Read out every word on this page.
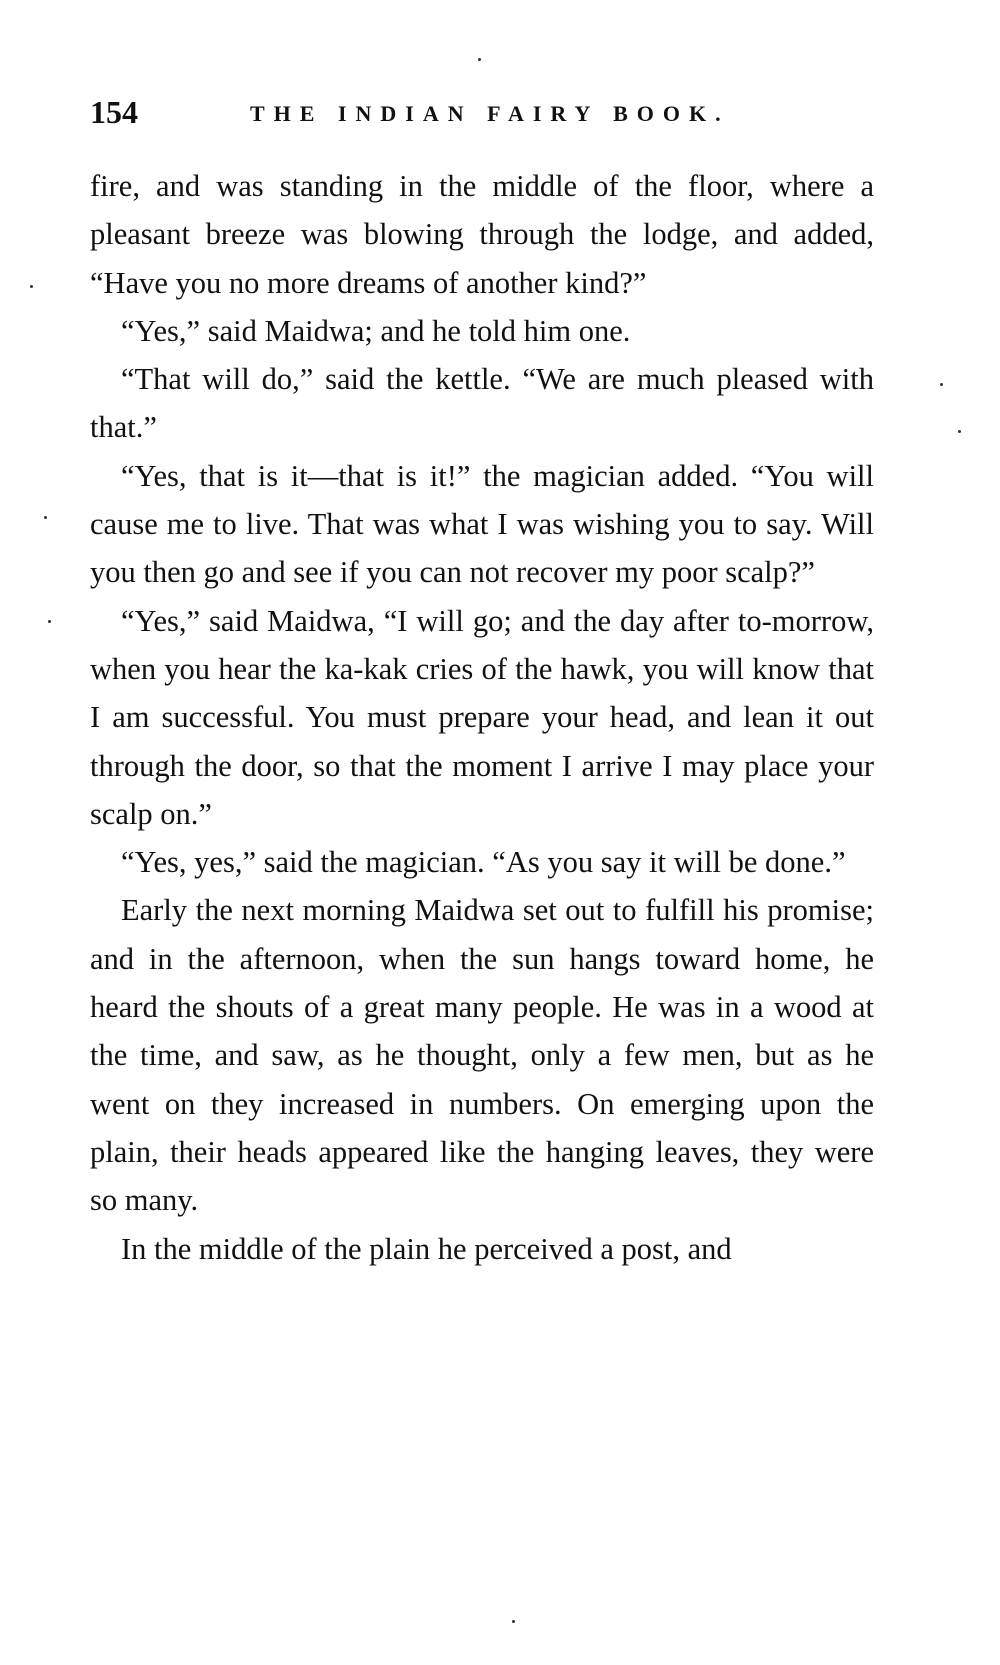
154	THE INDIAN FAIRY BOOK.

fire, and was standing in the middle of the floor, where a pleasant breeze was blowing through the lodge, and added, “Have you no more dreams of another kind?”

“Yes,” said Maidwa; and he told him one.

“That will do,” said the kettle. “We are much pleased with that.”

“Yes, that is it—that is it!” the magician added. “You will cause me to live. That was what I was wishing you to say. Will you then go and see if you can not recover my poor scalp?”

“Yes,” said Maidwa, “I will go; and the day after to-morrow, when you hear the ka-kak cries of the hawk, you will know that I am successful. You must prepare your head, and lean it out through the door, so that the moment I arrive I may place your scalp on.”

“Yes, yes,” said the magician. “As you say it will be done.”

Early the next morning Maidwa set out to fulfill his promise; and in the afternoon, when the sun hangs toward home, he heard the shouts of a great many people. He was in a wood at the time, and saw, as he thought, only a few men, but as he went on they increased in numbers. On emerging upon the plain, their heads appeared like the hanging leaves, they were so many.

In the middle of the plain he perceived a post, and
